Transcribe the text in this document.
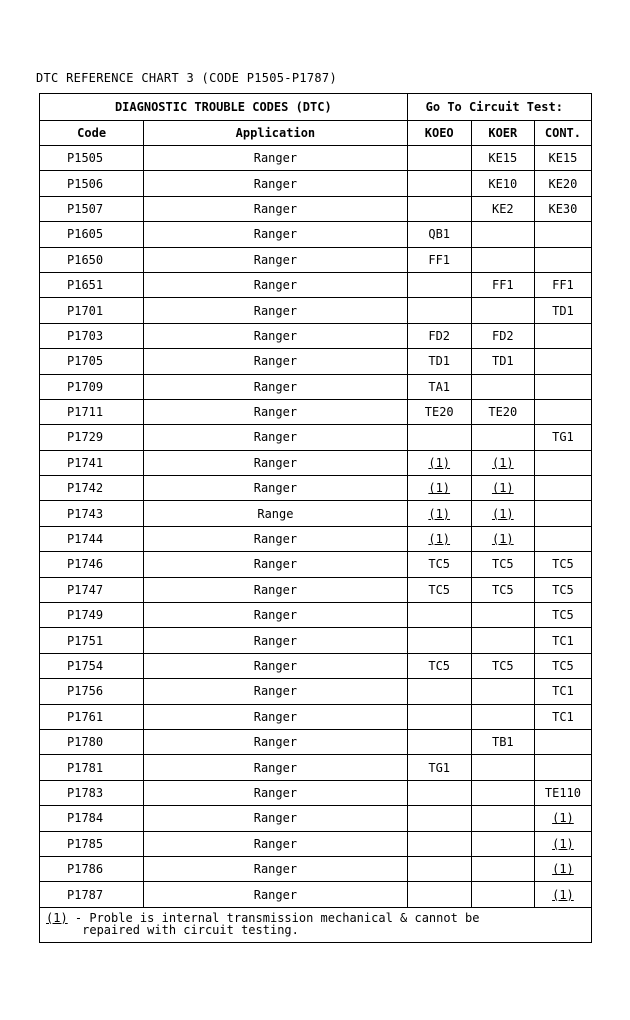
DTC REFERENCE CHART 3 (CODE P1505-P1787)
DIAGNOSTIC TROUBLE CODES (DTC)		Go To Circuit Test:		
Code	Application	KOEO	KOER	CONT.
P1505	Ranger		KE15	KE15
P1506	Ranger		KE10	KE20
P1507	Ranger		KE2	KE30
P1605	Ranger	QB1		
P1650	Ranger	FF1		
P1651	Ranger		FF1	FF1
P1701	Ranger			TD1
P1703	Ranger	FD2	FD2	
P1705	Ranger	TD1	TD1	
P1709	Ranger	TA1		
P1711	Ranger	TE20	TE20	
P1729	Ranger			TG1
P1741	Ranger	(1)	(1)	
P1742	Ranger	(1)	(1)	
P1743	Range	(1)	(1)	
P1744	Ranger	(1)	(1)	
P1746	Ranger	TC5	TC5	TC5
P1747	Ranger	TC5	TC5	TC5
P1749	Ranger			TC5
P1751	Ranger			TC1
P1754	Ranger	TC5	TC5	TC5
P1756	Ranger			TC1
P1761	Ranger			TC1
P1780	Ranger		TB1	
P1781	Ranger	TG1		
P1783	Ranger			TE110
P1784	Ranger			(1)
P1785	Ranger			(1)
P1786	Ranger			(1)
P1787	Ranger			(1)
(1) - Proble is internal transmission mechanical & cannot be
repaired with circuit testing.				
